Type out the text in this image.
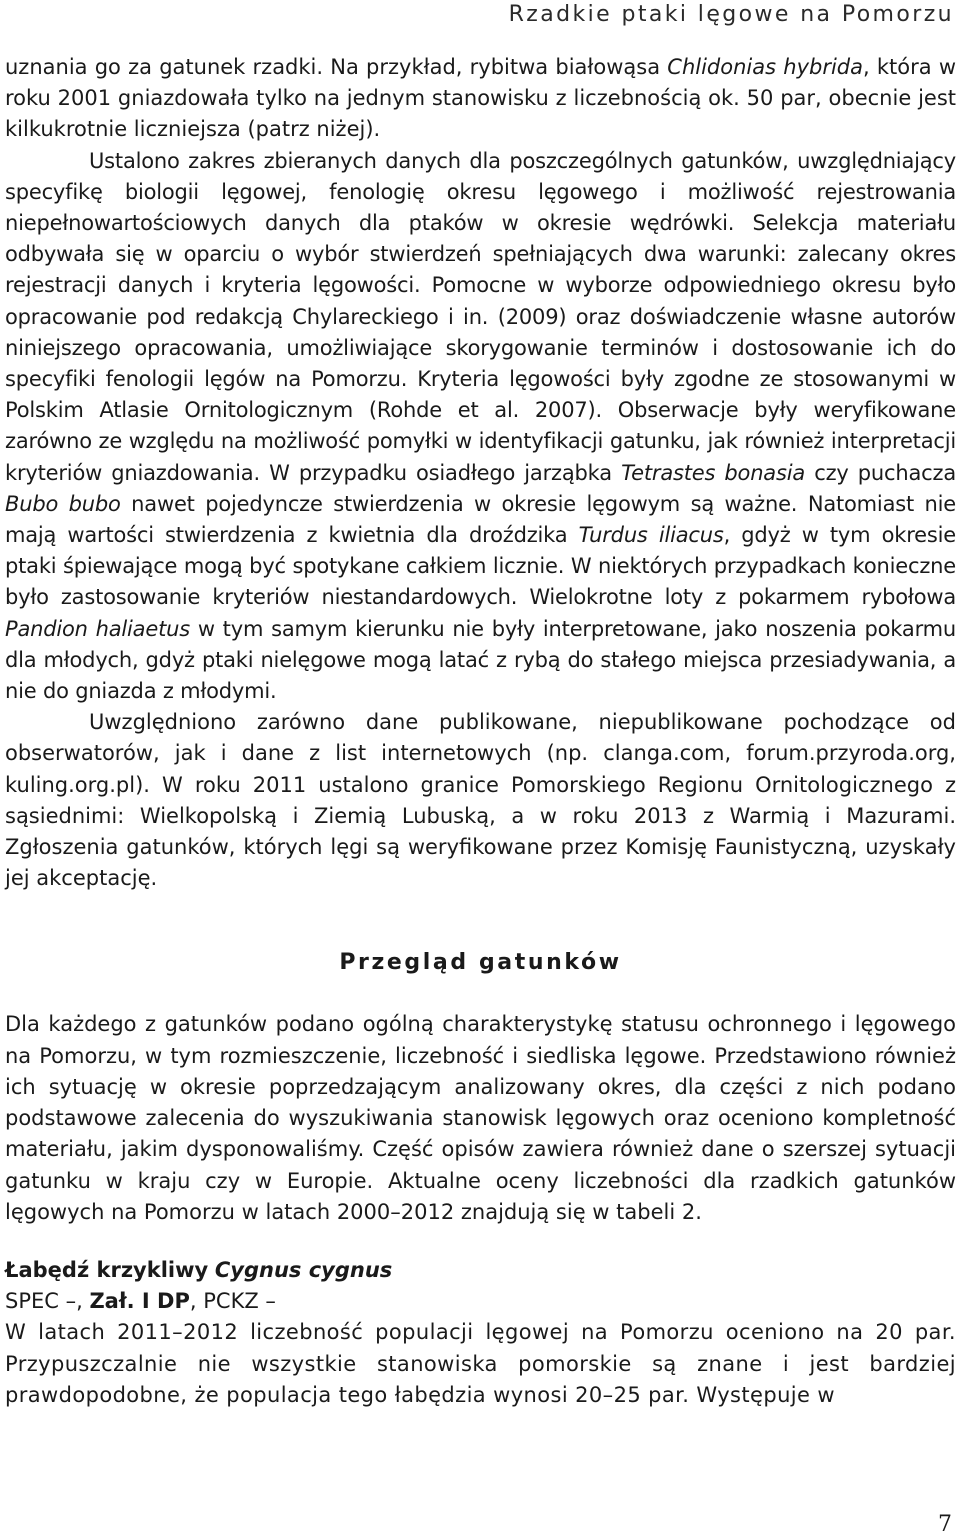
Rzadkie ptaki lęgowe na Pomorzu

uznania go za gatunek rzadki. Na przykład, rybitwa białowąsa Chlidonias hybrida, która w roku 2001 gniazdowała tylko na jednym stanowisku z liczebnością ok. 50 par, obecnie jest kilkukrotnie liczniejsza (patrz niżej).

Ustalono zakres zbieranych danych dla poszczególnych gatunków, uwzględniający specyfikę biologii lęgowej, fenologię okresu lęgowego i możliwość rejestrowania niepełnowartościowych danych dla ptaków w okresie wędrówki. Selekcja materiału odbywała się w oparciu o wybór stwierdzeń spełniających dwa warunki: zalecany okres rejestracji danych i kryteria lęgowości. Pomocne w wyborze odpowiedniego okresu było opracowanie pod redakcją Chylareckiego i in. (2009) oraz doświadczenie własne autorów niniejszego opracowania, umożliwiające skorygowanie terminów i dostosowanie ich do specyfiki fenologii lęgów na Pomorzu. Kryteria lęgowości były zgodne ze stosowanymi w Polskim Atlasie Ornitologicznym (Rohde et al. 2007). Obserwacje były weryfikowane zarówno ze względu na możliwość pomyłki w identyfikacji gatunku, jak również interpretacji kryteriów gniazdowania. W przypadku osiadłego jarząbka Tetrastes bonasia czy puchacza Bubo bubo nawet pojedyncze stwierdzenia w okresie lęgowym są ważne. Natomiast nie mają wartości stwierdzenia z kwietnia dla droździka Turdus iliacus, gdyż w tym okresie ptaki śpiewające mogą być spotykane całkiem licznie. W niektórych przypadkach konieczne było zastosowanie kryteriów niestandardowych. Wielokrotne loty z pokarmem rybołowa Pandion haliaetus w tym samym kierunku nie były interpretowane, jako noszenia pokarmu dla młodych, gdyż ptaki nielęgowe mogą latać z rybą do stałego miejsca przesiadywania, a nie do gniazda z młodymi.

Uwzględniono zarówno dane publikowane, niepublikowane pochodzące od obserwatorów, jak i dane z list internetowych (np. clanga.com, forum.przyroda.org, kuling.org.pl). W roku 2011 ustalono granice Pomorskiego Regionu Ornitologicznego z sąsiednimi: Wielkopolską i Ziemią Lubuską, a w roku 2013 z Warmią i Mazurami. Zgłoszenia gatunków, których lęgi są weryfikowane przez Komisję Faunistyczną, uzyskały jej akceptację.

Przegląd gatunków

Dla każdego z gatunków podano ogólną charakterystykę statusu ochronnego i lęgowego na Pomorzu, w tym rozmieszczenie, liczebność i siedliska lęgowe. Przedstawiono również ich sytuację w okresie poprzedzającym analizowany okres, dla części z nich podano podstawowe zalecenia do wyszukiwania stanowisk lęgowych oraz oceniono kompletność materiału, jakim dysponowaliśmy. Część opisów zawiera również dane o szerszej sytuacji gatunku w kraju czy w Europie. Aktualne oceny liczebności dla rzadkich gatunków lęgowych na Pomorzu w latach 2000–2012 znajdują się w tabeli 2.

Łabędź krzykliwy Cygnus cygnus

SPEC –, Zał. I DP, PCKZ –

W latach 2011–2012 liczebność populacji lęgowej na Pomorzu oceniono na 20 par. Przypuszczalnie nie wszystkie stanowiska pomorskie są znane i jest bardziej prawdopodobne, że populacja tego łabędzia wynosi 20–25 par. Występuje w

7
